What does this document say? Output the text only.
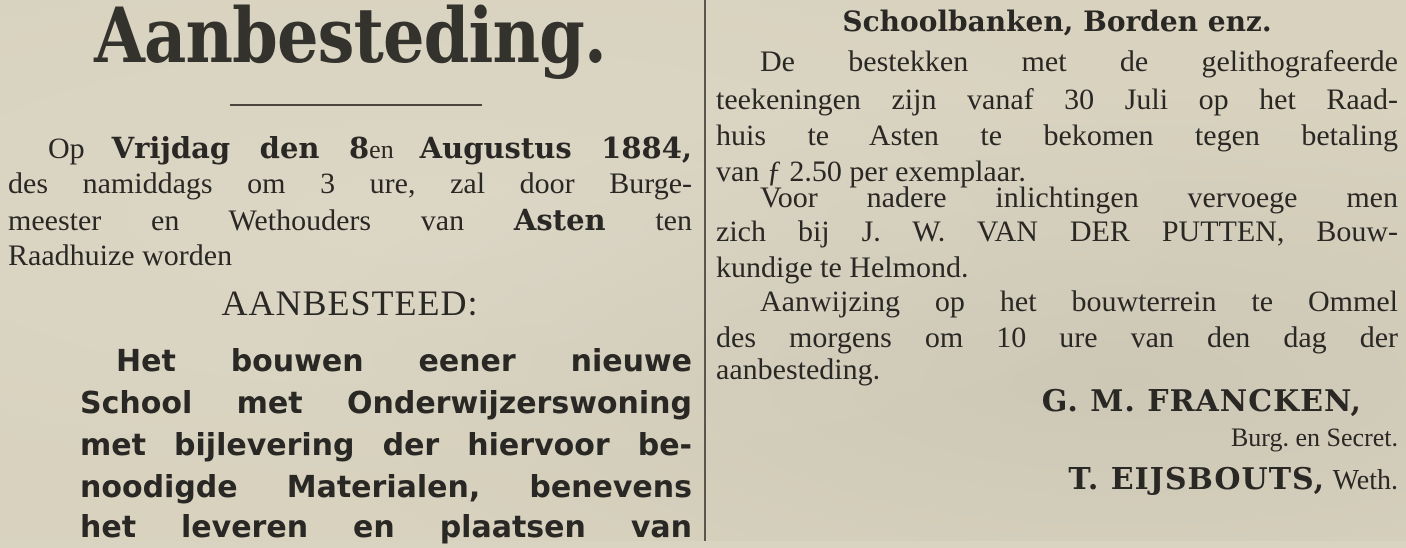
Aanbesteding.
Op Vrijdag den 8en Augustus 1884,
des namiddags om 3 ure, zal door Burge-
meester en Wethouders van Asten ten
Raadhuize worden
AANBESTEED:
Het bouwen eener nieuwe
School met Onderwijzerswoning
met bijlevering der hiervoor be-
noodigde Materialen, benevens
het leveren en plaatsen van
Schoolbanken, Borden enz.
De bestekken met de gelithografeerde
teekeningen zijn vanaf 30 Juli op het Raad-
huis te Asten te bekomen tegen betaling
van ƒ 2.50 per exemplaar.
Voor nadere inlichtingen vervoege men
zich bij J. W. VAN DER PUTTEN, Bouw-
kundige te Helmond.
Aanwijzing op het bouwterrein te Ommel
des morgens om 10 ure van den dag der
aanbesteding.
G. M. FRANCKEN,
Burg. en Secret.
T. EIJSBOUTS, Weth.
